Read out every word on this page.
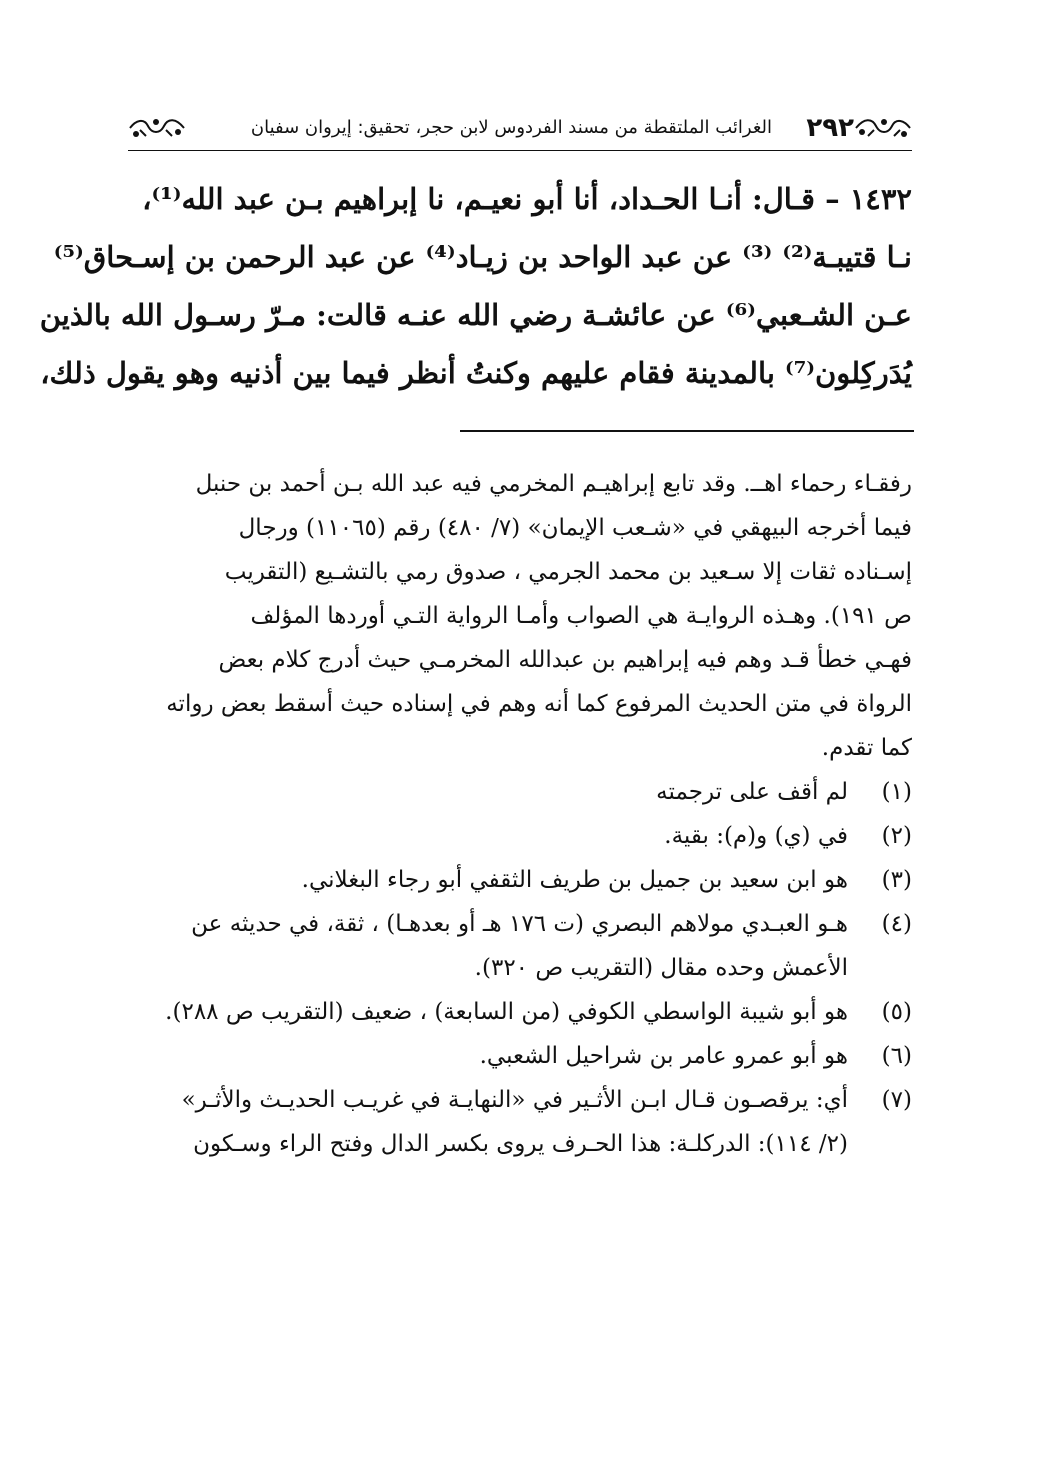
٢٩٢
الغرائب الملتقطة من مسند الفردوس لابن حجر، تحقيق: إيروان سفيان
١٤٣٢ – قـال: أنـا الحـداد، أنا أبو نعيـم، نا إبراهيم بـن عبد الله⁽¹⁾،
نـا قتيبـة⁽²⁾ ⁽³⁾ عن عبد الواحد بن زيـاد⁽⁴⁾ عن عبد الرحمن بن إسـحاق⁽⁵⁾
عـن الشـعبي⁽⁶⁾ عن عائشـة رضي الله عنـه قالت: مـرّ رسـول الله بالذين
يُدَركِلون⁽⁷⁾ بالمدينة فقام عليهم وكنتُ أنظر فيما بين أذنيه وهو يقول ذلك،
رفقـاء رحماء اهــ. وقد تابع إبراهيـم المخرمي فيه عبد الله بـن أحمد بن حنبل
فيما أخرجه البيهقي في «شـعب الإيمان» (٧/ ٤٨٠) رقم (١١٠٦٥) ورجال
إسـناده ثقات إلا سـعيد بن محمد الجرمي ، صدوق رمي بالتشـيع (التقريب
ص ١٩١). وهـذه الروايـة هي الصواب وأمـا الرواية التـي أوردها المؤلف
فهـي خطأ قـد وهم فيه إبراهيم بن عبدالله المخرمـي حيث أدرج كلام بعض
الرواة في متن الحديث المرفوع كما أنه وهم في إسناده حيث أسقط بعض رواته
كما تقدم.
(١)
لم أقف على ترجمته
(٢)
في (ي) و(م): بقية.
(٣)
هو ابن سعيد بن جميل بن طريف الثقفي أبو رجاء البغلاني.
(٤)
هـو العبـدي مولاهم البصري (ت ١٧٦ هـ أو بعدهـا) ، ثقة، في حديثه عن
الأعمش وحده مقال (التقريب ص ٣٢٠).
(٥)
هو أبو شيبة الواسطي الكوفي (من السابعة) ، ضعيف (التقريب ص ٢٨٨).
(٦)
هو أبو عمرو عامر بن شراحيل الشعبي.
(٧)
أي: يرقصـون قـال ابـن الأثـير في «النهايـة في غريـب الحديـث والأثـر»
(٢/ ١١٤): الدركلـة: هذا الحـرف يروى بكسر الدال وفتح الراء وسـكون
